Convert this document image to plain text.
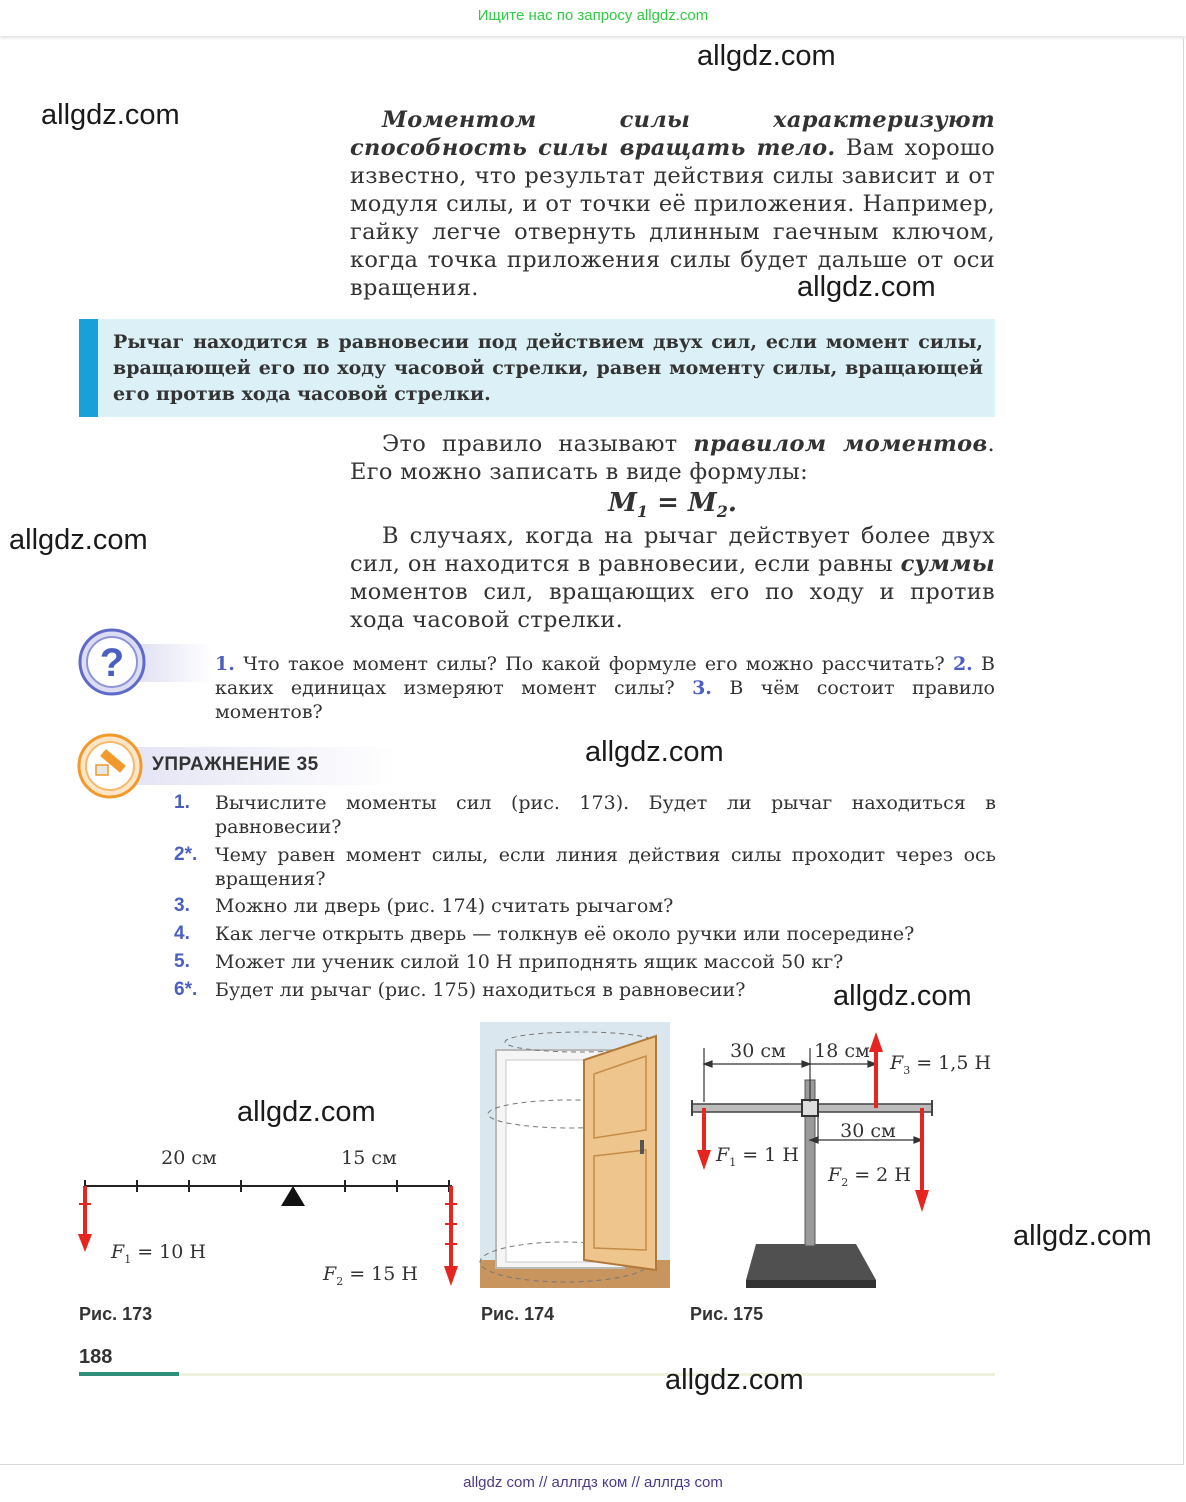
Ищите нас по запросу allgdz.com
allgdz.com
allgdz.com
allgdz.com
allgdz.com
allgdz.com
allgdz.com
allgdz.com
allgdz.com
allgdz.com
Моментом силы характеризуют способность силы вращать тело. Вам хорошо известно, что результат действия силы зависит и от модуля силы, и от точки её приложения. Например, гайку легче отвернуть длинным гаечным ключом, когда точка приложения силы будет дальше от оси вращения.
Рычаг находится в равновесии под действием двух сил, если момент силы, вращающей его по ходу часовой стрелки, равен моменту силы, вращающей его против хода часовой стрелки.
Это правило называют правилом моментов. Его можно записать в виде формулы:
$M_1 = M_2$.
В случаях, когда на рычаг действует более двух сил, он находится в равновесии, если равны суммы моментов сил, вращающих его по ходу и против хода часовой стрелки.
?	1. Что такое момент силы? По какой формуле его можно рассчитать? 2. В каких единицах измеряют момент силы? 3. В чём состоит правило моментов?
УПРАЖНЕНИЕ 35
1.	Вычислите моменты сил (рис. 173). Будет ли рычаг находиться в равновесии?
2*. Чему равен момент силы, если линия действия силы проходит через ось вращения?
3.	Можно ли дверь (рис. 174) считать рычагом?
4.	Как легче открыть дверь — толкнув её около ручки или посередине?
5.	Может ли ученик силой 10 Н приподнять ящик массой 50 кг?
6*. Будет ли рычаг (рис. 175) находиться в равновесии?
20 см	15 см
$F_1 = 10$ Н
$F_2 = 15$ Н
Рис. 173	Рис. 174
30 см 18 см
30 см
$F_1 = 1$ Н
$F_2 = 2$ Н
$F_3 = 1,5$ Н
Рис. 175
188
allgdz com // аллгдз ком // аллгдз com
